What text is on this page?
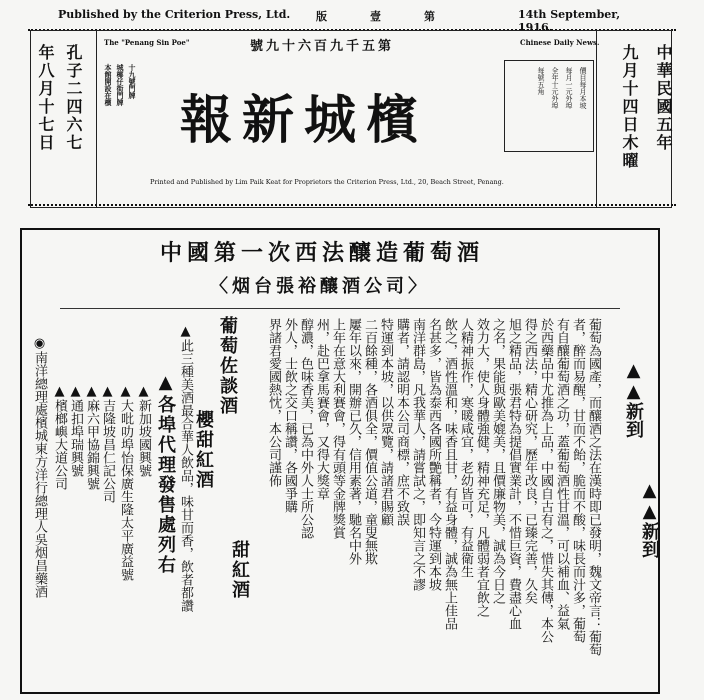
Published by the Criterion Press, Ltd. 版　壹　第	14th September, 1916.
年八月十七日 孔子二四六七	中華民國五年
九月十四日木曜
The "Penang Sin Poe"	號九十六百九千五第	Chinese Daily News.
本館開設在檳 城椰仔街門牌 十九號門牌
報新城檳
價目每月本坡
每月一元外埠
全年十元外埠
每號五角
Printed and Published by Lim Paik Keat for Proprietors the Criterion Press, Ltd., 20, Beach Street, Penang.
中國第一次西法釀造葡萄酒
〈烟台張裕釀酒公司〉
▲▲新到
▲▲新到
葡萄為國產，而釀酒之法在漢時即已發明，魏文帝言：葡萄
者，醉而易醒，甘而不飴，脆而不酸，味長而汁多，葡萄
有自釀葡萄酒之功，蓋葡萄酒性甘溫，可以補血、益氣
於西藥品中尤推為上品，中國自古有之，惜失其傳，本公
得之西法，精心研究，歷年改良，已臻完善，久矣
旭之精品，張君特為提倡實業計，不惜巨資，費盡心血
之名，果能與歐美媲美，且價廉物美，誠為今日之
效力大，使人身體強健，精神充足，凡體弱者宜飲之
人精神振作，寒暖咸宜，老幼皆可，有益衛生
飲之，酒性溫和，味香且甘，有益身體，誠為無上佳品
名甚多，皆為泰西各國所艷稱者，今特運到本坡
南洋群島，凡我華人，請嘗試之，即知言之不謬
購者，請認明本公司商標，庶不致誤
特運到本坡，以供眾覽，請諸君賜顧
二百餘種，各酒俱全，價值公道，童叟無欺
屢年以來，開辦已久，信用素著，馳名中外
上年在意大利賽會，得有頭等金牌獎賞
州，赴巴拿馬賽會，又得大獎章
醇濃，色味香美，已為中外人士所公認
外人，士飲之交口稱讚，各國爭購
界諸君愛國熱忱，本公司謹佈
葡萄佐談酒
櫻甜紅酒
甜紅酒
▲此三種美酒最合華人飲品，味甘而香，飲者都讚
▲各埠代理發售處列右
▲新加坡國興號
▲大吡叻埠怡保廣生隆太平廣益號
▲吉隆坡昌仁記公司
▲麻六甲協錦興號
▲通扣埠瑞興號
▲檳榔嶼大道公司
◉南洋總理處檳城東方洋行總理人吳烟昌藥酒
